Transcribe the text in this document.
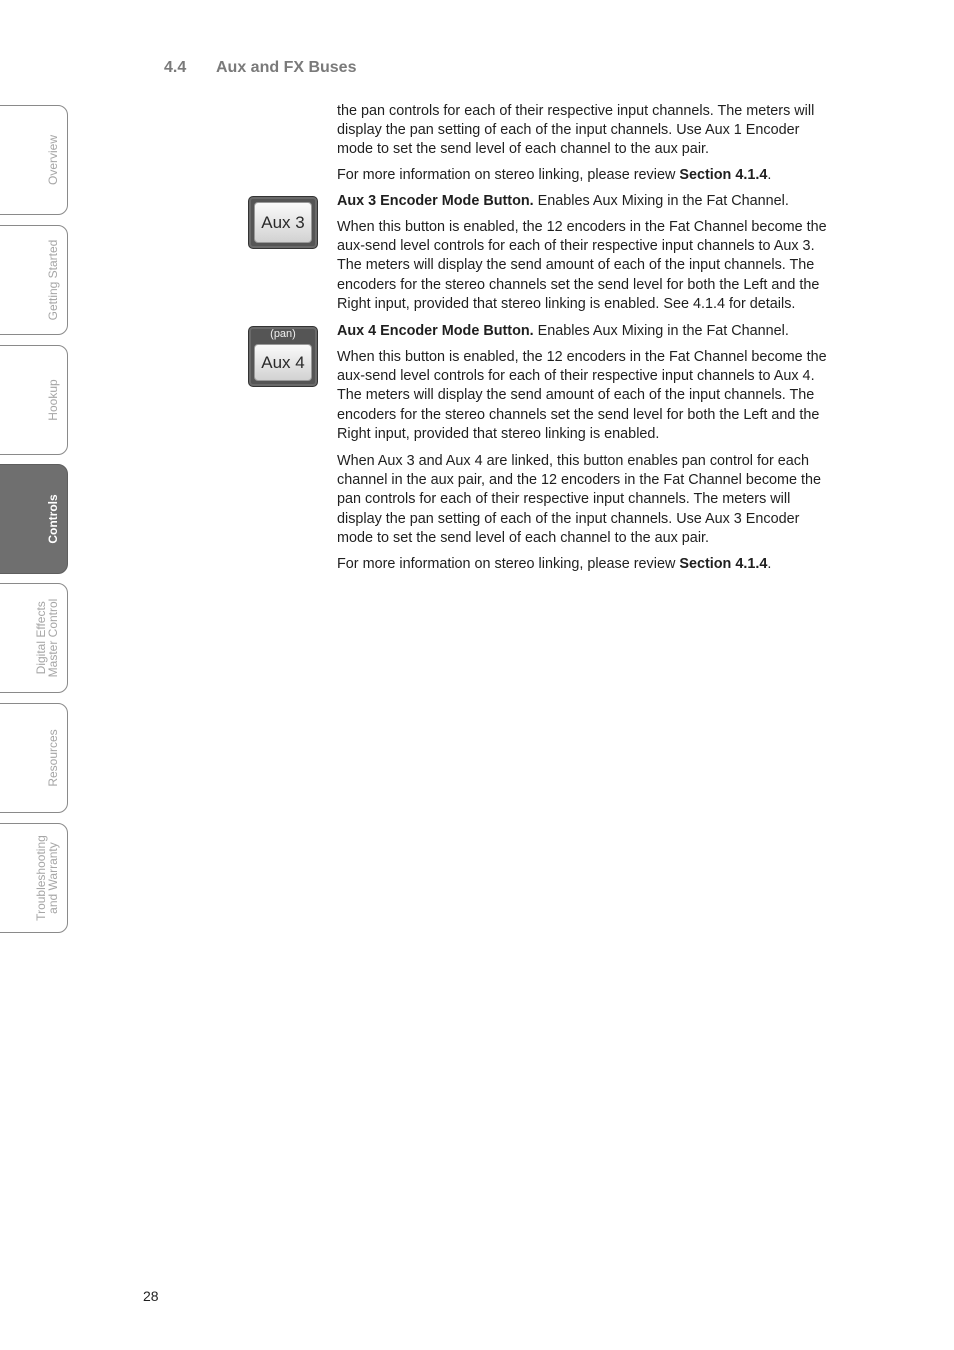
4.4 Aux and FX Buses
Overview
Getting Started
Hookup
Controls
Digital Effects
Master Control
Resources
Troubleshooting
and Warranty
Aux 3
(pan)
Aux 4

the pan controls for each of their respective input channels. The meters will display the pan setting of each of the input channels. Use Aux 1 Encoder mode to set the send level of each channel to the aux pair.

For more information on stereo linking, please review Section 4.1.4.

Aux 3 Encoder Mode Button. Enables Aux Mixing in the Fat Channel.

When this button is enabled, the 12 encoders in the Fat Channel become the aux-send level controls for each of their respective input channels to Aux 3. The meters will display the send amount of each of the input channels. The encoders for the stereo channels set the send level for both the Left and the Right input, provided that stereo linking is enabled. See 4.1.4 for details.

Aux 4 Encoder Mode Button. Enables Aux Mixing in the Fat Channel.

When this button is enabled, the 12 encoders in the Fat Channel become the aux-send level controls for each of their respective input channels to Aux 4. The meters will display the send amount of each of the input channels. The encoders for the stereo channels set the send level for both the Left and the Right input, provided that stereo linking is enabled.

When Aux 3 and Aux 4 are linked, this button enables pan control for each channel in the aux pair, and the 12 encoders in the Fat Channel become the pan controls for each of their respective input channels. The meters will display the pan setting of each of the input channels. Use Aux 3 Encoder mode to set the send level of each channel to the aux pair.

For more information on stereo linking, please review Section 4.1.4.

28
